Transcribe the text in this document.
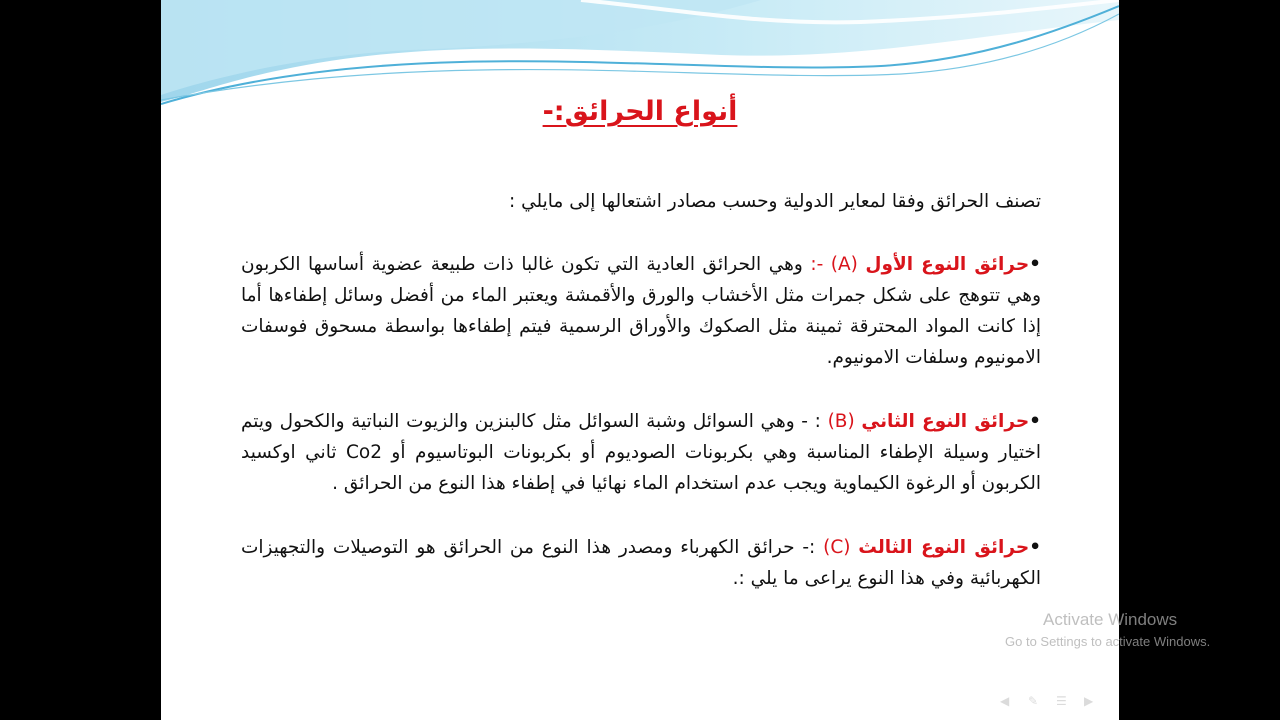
أنواع الحرائق:-

تصنف الحرائق وفقا لمعاير الدولية وحسب مصادر اشتعالها إلى مايلي :

•حرائق النوع الأول (A) -: وهي الحرائق العادية التي تكون غالبا ذات طبيعة عضوية أساسها الكربون وهي تتوهج على شكل جمرات مثل الأخشاب والورق والأقمشة ويعتبر الماء من أفضل وسائل إطفاءها أما إذا كانت المواد المحترقة ثمينة مثل الصكوك والأوراق الرسمية فيتم إطفاءها بواسطة مسحوق فوسفات الامونيوم وسلفات الامونيوم.

•حرائق النوع الثاني (B) : - وهي السوائل وشبة السوائل مثل كالبنزين والزيوت النباتية والكحول ويتم اختيار وسيلة الإطفاء المناسبة وهي بكربونات الصوديوم أو بكربونات البوتاسيوم أو Co2 ثاني اوكسيد الكربون أو الرغوة الكيماوية ويجب عدم استخدام الماء نهائيا في إطفاء هذا النوع من الحرائق .

•حرائق النوع الثالث (C) :- حرائق الكهرباء ومصدر هذا النوع من الحرائق هو التوصيلات والتجهيزات الكهربائية وفي هذا النوع يراعى ما يلي :.

Activate Windows
Go to Settings to activate Windows.
◀	✎	☰	▶
